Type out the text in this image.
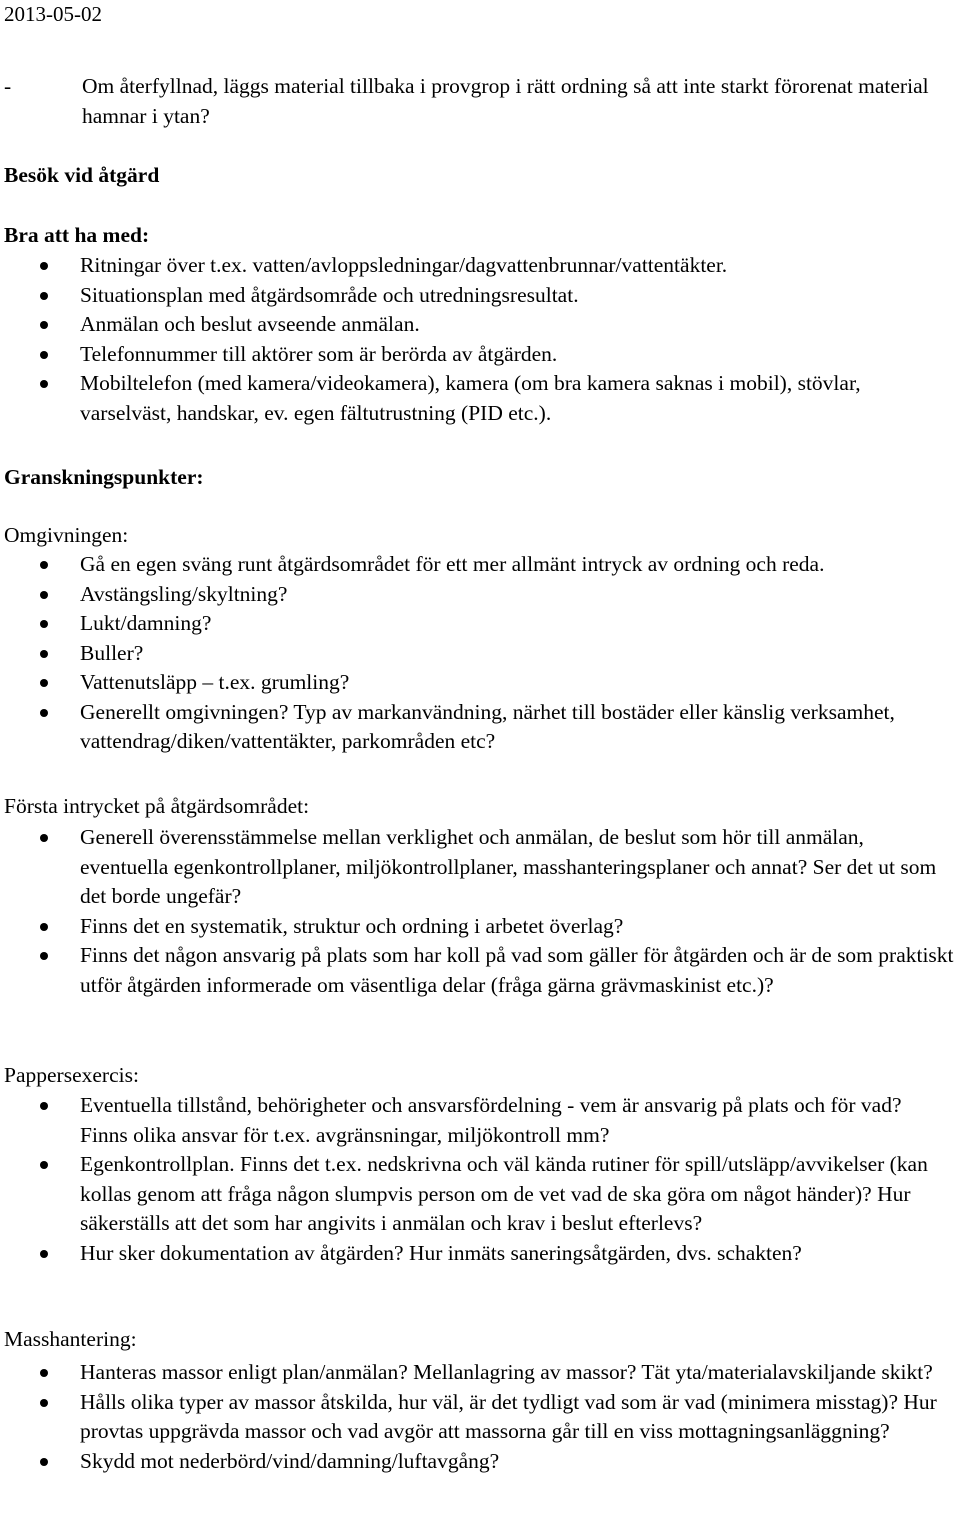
2013-05-02
-	Om återfyllnad, läggs material tillbaka i provgrop i rätt ordning så att inte starkt förorenat material hamnar i ytan?
Besök vid åtgärd
Bra att ha med:
Ritningar över t.ex. vatten/avloppsledningar/dagvattenbrunnar/vattentäkter.
Situationsplan med åtgärdsområde och utredningsresultat.
Anmälan och beslut avseende anmälan.
Telefonnummer till aktörer som är berörda av åtgärden.
Mobiltelefon (med kamera/videokamera), kamera (om bra kamera saknas i mobil), stövlar, varselväst, handskar, ev. egen fältutrustning (PID etc.).
Granskningspunkter:
Omgivningen:
Gå en egen sväng runt åtgärdsområdet för ett mer allmänt intryck av ordning och reda.
Avstängsling/skyltning?
Lukt/damning?
Buller?
Vattenutsläpp – t.ex. grumling?
Generellt omgivningen? Typ av markanvändning, närhet till bostäder eller känslig verksamhet, vattendrag/diken/vattentäkter, parkområden etc?
Första intrycket på åtgärdsområdet:
Generell överensstämmelse mellan verklighet och anmälan, de beslut som hör till anmälan, eventuella egenkontrollplaner, miljökontrollplaner, masshanteringsplaner och annat? Ser det ut som det borde ungefär?
Finns det en systematik, struktur och ordning i arbetet överlag?
Finns det någon ansvarig på plats som har koll på vad som gäller för åtgärden och är de som praktiskt utför åtgärden informerade om väsentliga delar (fråga gärna grävmaskinist etc.)?
Pappersexercis:
Eventuella tillstånd, behörigheter och ansvarsfördelning - vem är ansvarig på plats och för vad? Finns olika ansvar för t.ex. avgränsningar, miljökontroll mm?
Egenkontrollplan. Finns det t.ex. nedskrivna och väl kända rutiner för spill/utsläpp/avvikelser (kan kollas genom att fråga någon slumpvis person om de vet vad de ska göra om något händer)? Hur säkerställs att det som har angivits i anmälan och krav i beslut efterlevs?
Hur sker dokumentation av åtgärden? Hur inmäts saneringsåtgärden, dvs. schakten?
Masshantering:
Hanteras massor enligt plan/anmälan? Mellanlagring av massor? Tät yta/materialavskiljande skikt?
Hålls olika typer av massor åtskilda, hur väl, är det tydligt vad som är vad (minimera misstag)? Hur provtas uppgrävda massor och vad avgör att massorna går till en viss mottagningsanläggning?
Skydd mot nederbörd/vind/damning/luftavgång?
